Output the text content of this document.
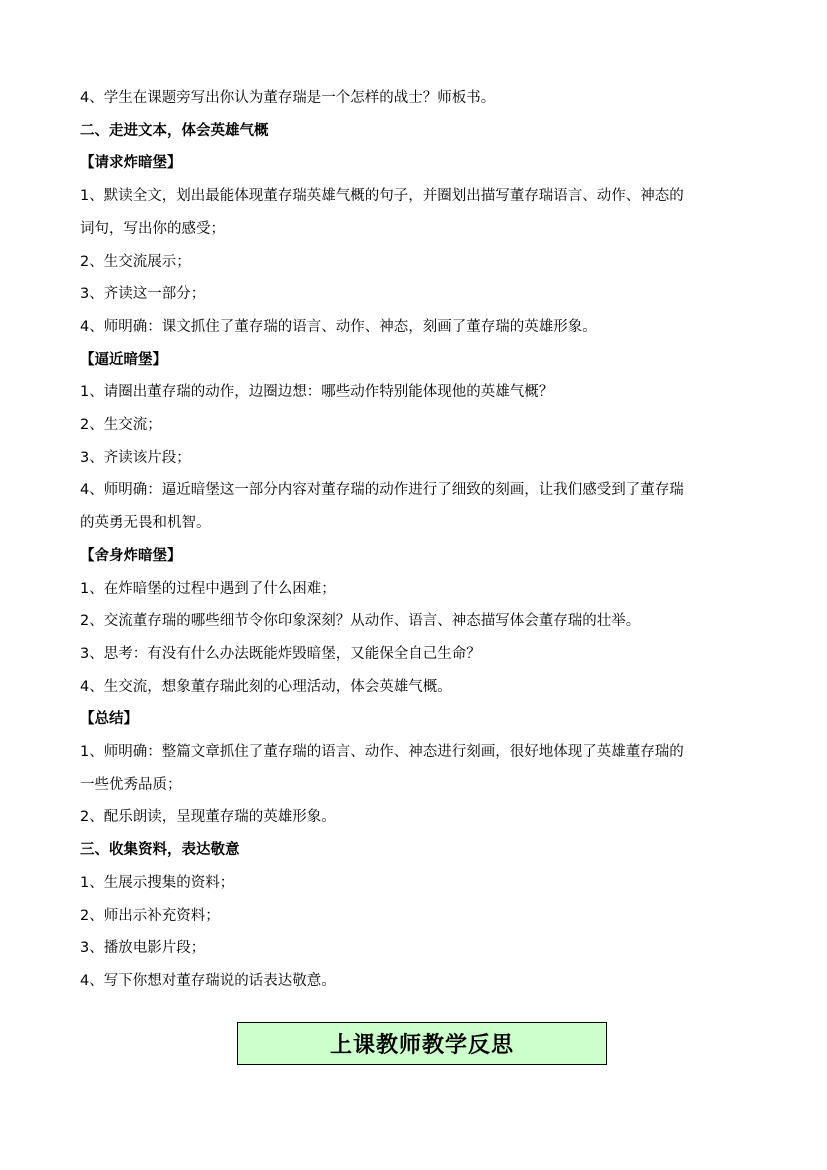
4、学生在课题旁写出你认为董存瑞是一个怎样的战士？师板书。
二、走进文本，体会英雄气概
【请求炸暗堡】
1、默读全文，划出最能体现董存瑞英雄气概的句子，并圈划出描写董存瑞语言、动作、神态的
词句，写出你的感受；
2、生交流展示；
3、齐读这一部分；
4、师明确：课文抓住了董存瑞的语言、动作、神态，刻画了董存瑞的英雄形象。
【逼近暗堡】
1、请圈出董存瑞的动作，边圈边想：哪些动作特别能体现他的英雄气概？
2、生交流；
3、齐读该片段；
4、师明确：逼近暗堡这一部分内容对董存瑞的动作进行了细致的刻画，让我们感受到了董存瑞
的英勇无畏和机智。
【舍身炸暗堡】
1、在炸暗堡的过程中遇到了什么困难；
2、交流董存瑞的哪些细节令你印象深刻？从动作、语言、神态描写体会董存瑞的壮举。
3、思考：有没有什么办法既能炸毁暗堡，又能保全自己生命？
4、生交流，想象董存瑞此刻的心理活动，体会英雄气概。
【总结】
1、师明确：整篇文章抓住了董存瑞的语言、动作、神态进行刻画，很好地体现了英雄董存瑞的
一些优秀品质；
2、配乐朗读，呈现董存瑞的英雄形象。
三、收集资料，表达敬意
1、生展示搜集的资料；
2、师出示补充资料；
3、播放电影片段；
4、写下你想对董存瑞说的话表达敬意。
上课教师教学反思
